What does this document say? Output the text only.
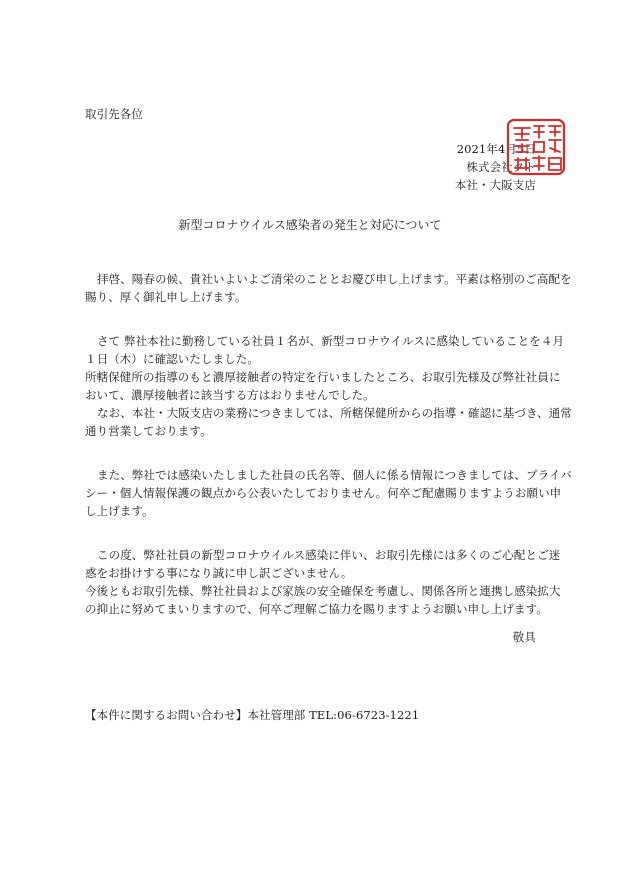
取引先各位
2021年4月5日
株式会社クト
本社・大阪支店
新型コロナウイルス感染者の発生と対応について
拝啓、陽春の候、貴社いよいよご清栄のこととお慶び申し上げます。平素は格別のご高配を
賜り、厚く御礼申し上げます。
さて 弊社本社に勤務している社員１名が、新型コロナウイルスに感染していることを４月
１日（木）に確認いたしました。
所轄保健所の指導のもと濃厚接触者の特定を行いましたところ、お取引先様及び弊社社員に
おいて、濃厚接触者に該当する方はおりませんでした。
なお、本社・大阪支店の業務につきましては、所轄保健所からの指導・確認に基づき、通常
通り営業しております。
また、弊社では感染いたしました社員の氏名等、個人に係る情報につきましては、プライバ
シー・個人情報保護の観点から公表いたしておりません。何卒ご配慮賜りますようお願い申
し上げます。
この度、弊社社員の新型コロナウイルス感染に伴い、お取引先様には多くのご心配とご迷
惑をお掛けする事になり誠に申し訳ございません。
今後ともお取引先様、弊社社員および家族の安全確保を考慮し、関係各所と連携し感染拡大
の抑止に努めてまいりますので、何卒ご理解ご協力を賜りますようお願い申し上げます。
敬具
【本件に関するお問い合わせ】本社管理部 TEL:06-6723-1221
